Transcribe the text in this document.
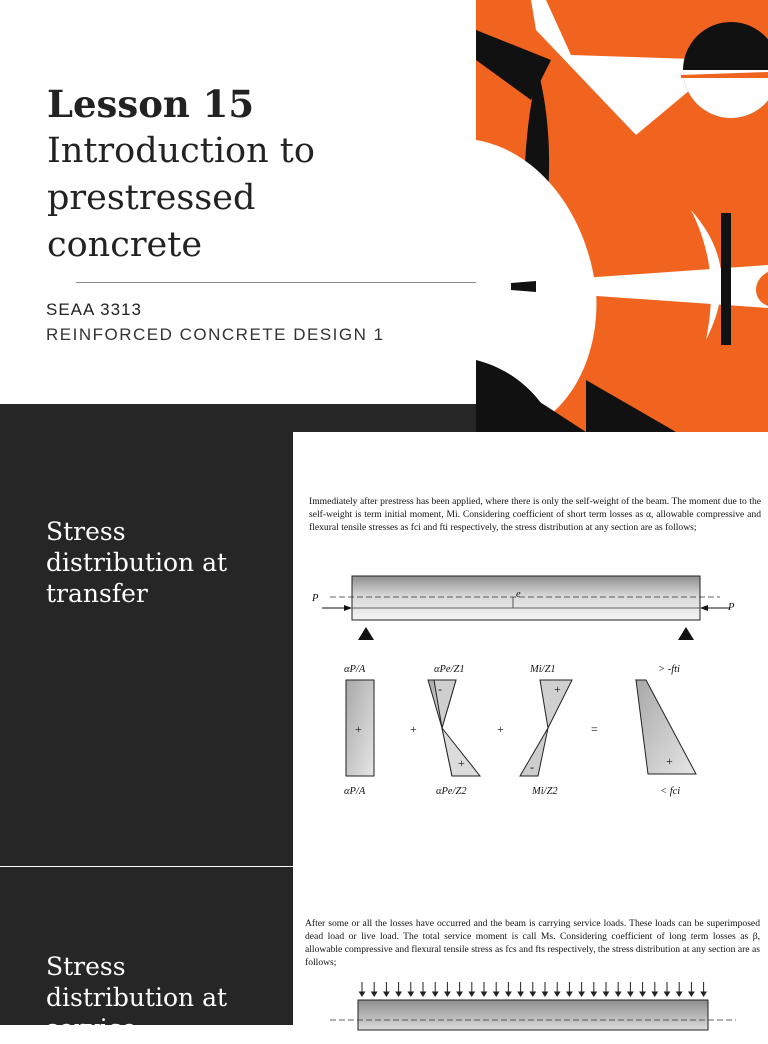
Lesson 15
Introduction to
prestressed
concrete
SEAA 3313
REINFORCED CONCRETE DESIGN 1
Stress
distribution at
transfer

Immediately after prestress has been applied, where there is only the self-weight of the beam. The moment due to the self-weight is term initial moment, Mi. Considering coefficient of short term losses as α, allowable compressive and flexural tensile stresses as fci and fti respectively, the stress distribution at any section are as follows;

P
P
e
αP/A	αPe/Z1	Mi/Z1	> -fti
αP/A	αPe/Z2	Mi/Z2	< fci
+	+	=
+
-
+
+
-	+
Stress
distribution at
service

After some or all the losses have occurred and the beam is carrying service loads. These loads can be superimposed dead load or live load. The total service moment is call Ms. Considering coefficient of long term losses as β, allowable compressive and flexural tensile stress as fcs and fts respectively, the stress distribution at any section are as follows;
